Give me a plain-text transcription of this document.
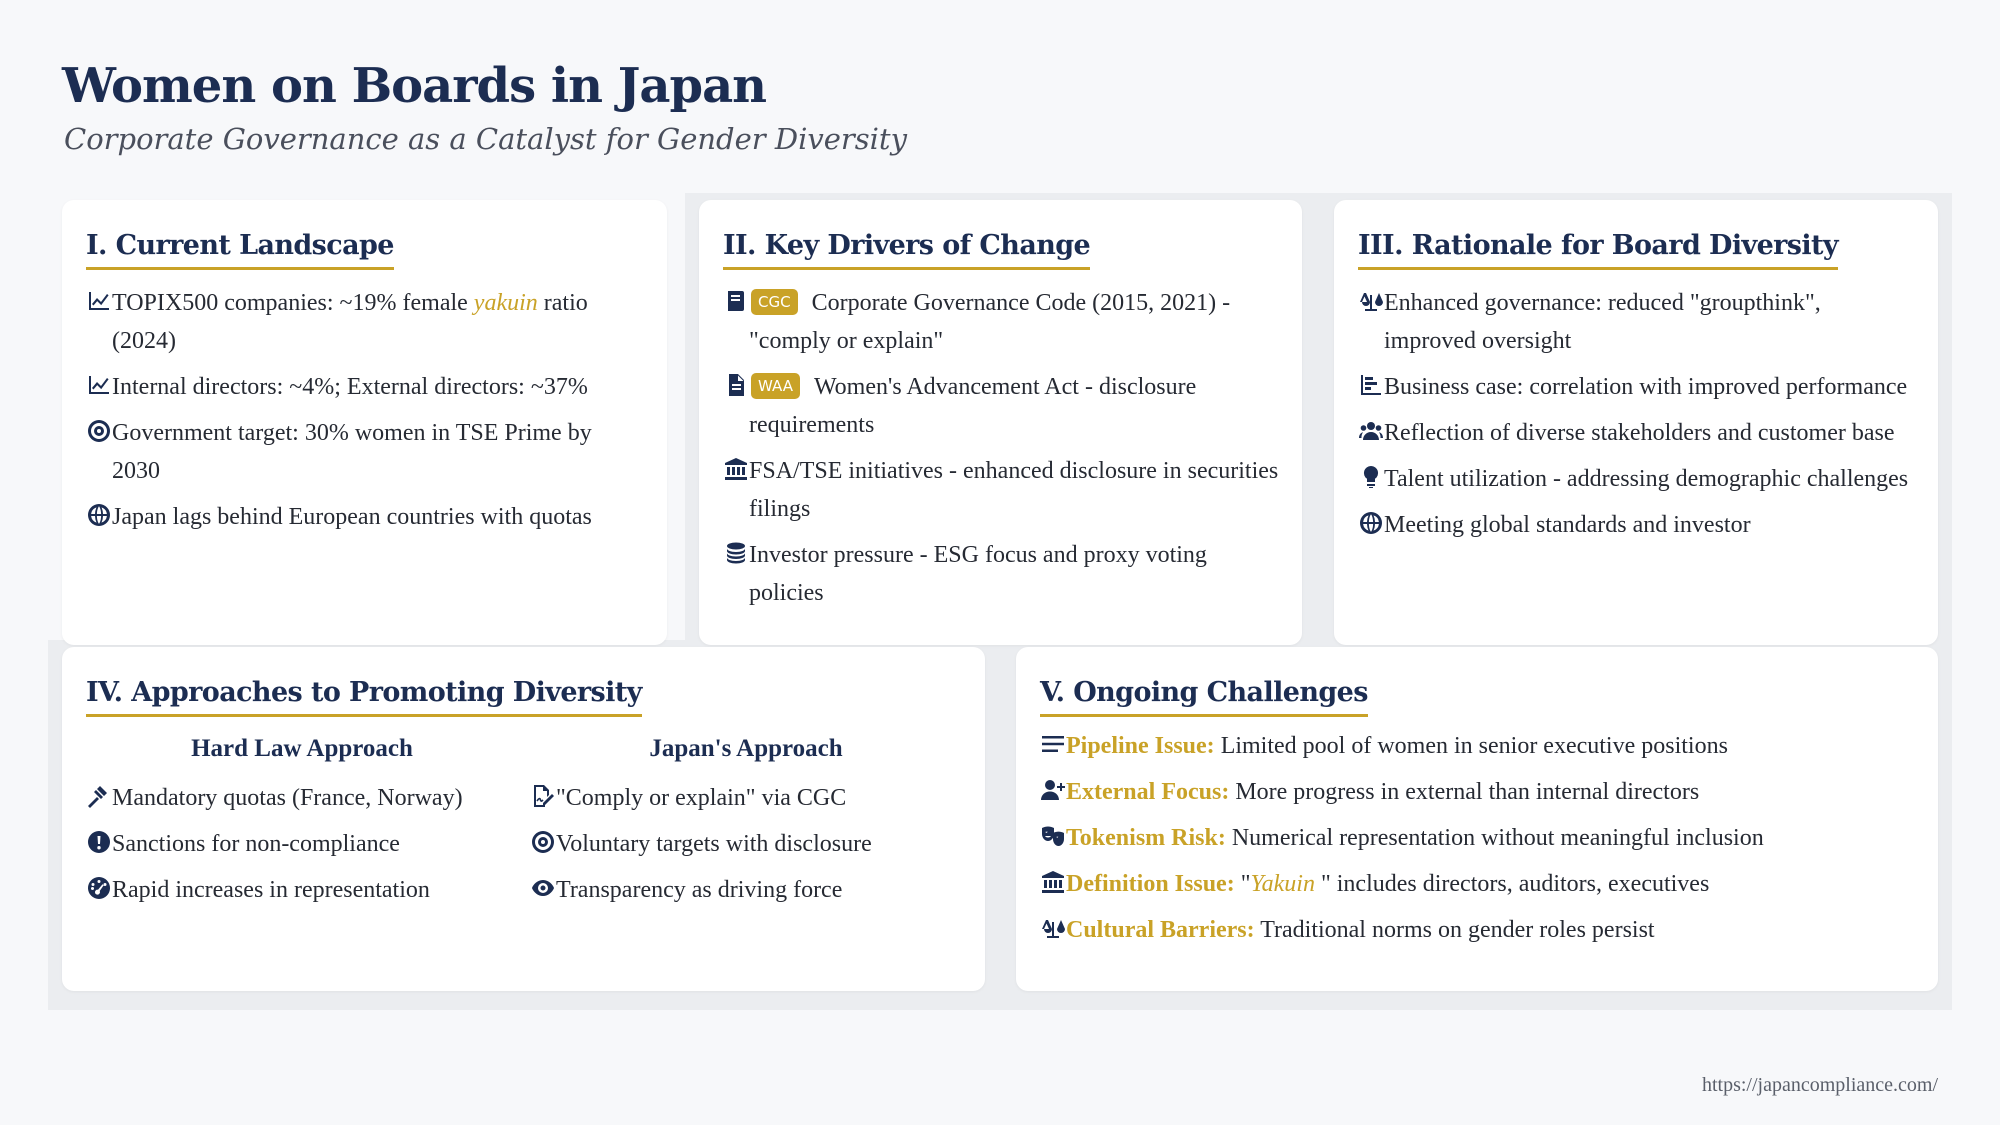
Women on Boards in Japan
Corporate Governance as a Catalyst for Gender Diversity
I. Current Landscape
TOPIX500 companies: ~19% female yakuin ratio (2024)
Internal directors: ~4%; External directors: ~37%
Government target: 30% women in TSE Prime by 2030
Japan lags behind European countries with quotas
II. Key Drivers of Change
CGC Corporate Governance Code (2015, 2021) - "comply or explain"
WAA Women's Advancement Act - disclosure requirements
FSA/TSE initiatives - enhanced disclosure in securities filings
Investor pressure - ESG focus and proxy voting policies
III. Rationale for Board Diversity
Enhanced governance: reduced "groupthink", improved oversight
Business case: correlation with improved performance
Reflection of diverse stakeholders and customer base
Talent utilization - addressing demographic challenges
Meeting global standards and investor
IV. Approaches to Promoting Diversity
Hard Law Approach	Japan's Approach
Mandatory quotas (France, Norway)
Sanctions for non-compliance
Rapid increases in representation
"Comply or explain" via CGC
Voluntary targets with disclosure
Transparency as driving force
V. Ongoing Challenges
Pipeline Issue: Limited pool of women in senior executive positions
External Focus: More progress in external than internal directors
Tokenism Risk: Numerical representation without meaningful inclusion
Definition Issue: "Yakuin " includes directors, auditors, executives
Cultural Barriers: Traditional norms on gender roles persist
https://japancompliance.com/
